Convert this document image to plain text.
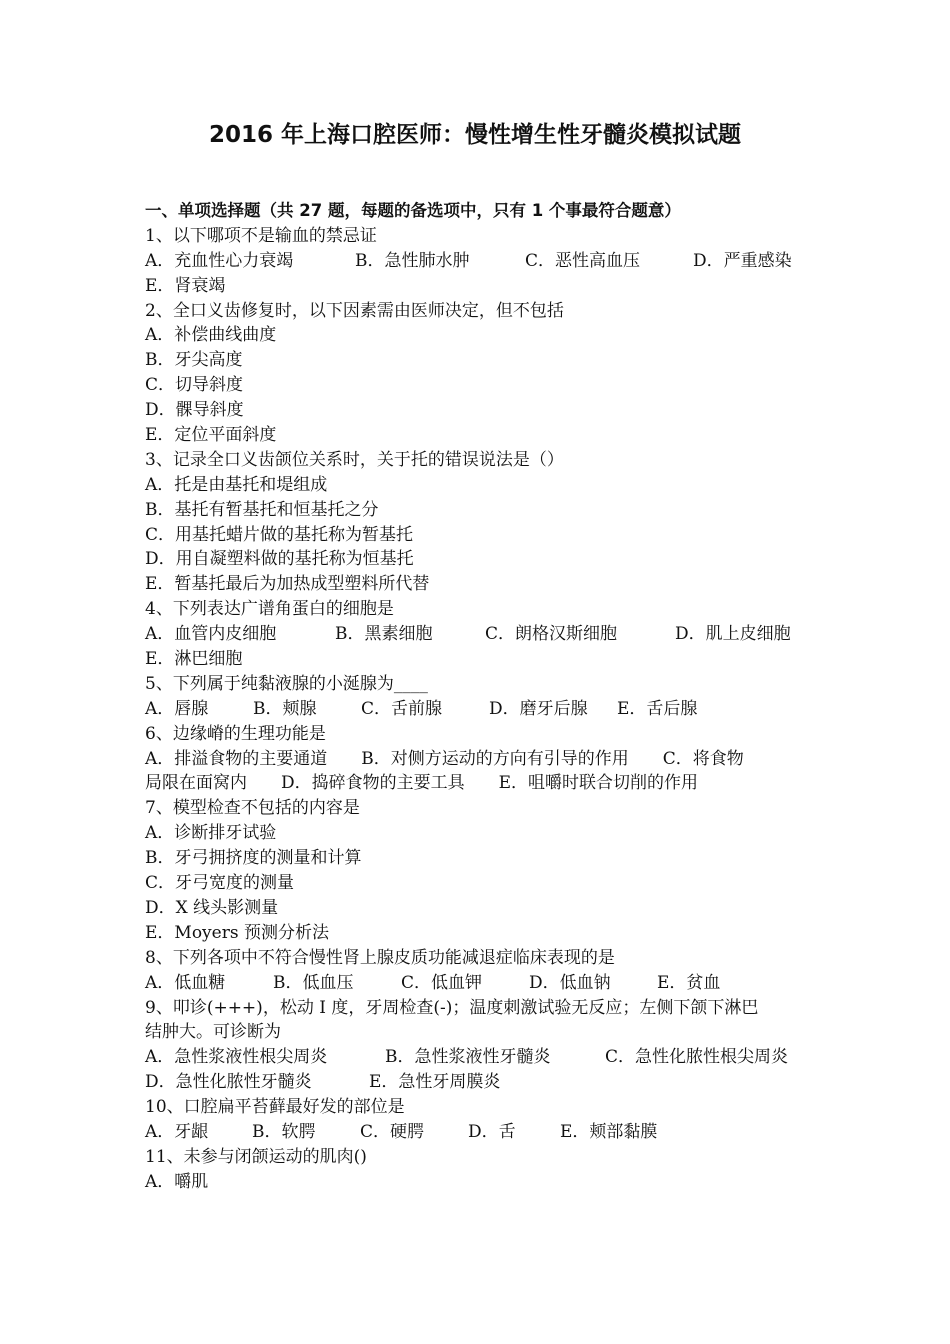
2016 年上海口腔医师：慢性增生性牙髓炎模拟试题
一、单项选择题（共 27 题，每题的备选项中，只有 1 个事最符合题意）
1、以下哪项不是输血的禁忌证
A．充血性心力衰竭	B．急性肺水肿	C．恶性高血压	D．严重感染
E．肾衰竭
2、全口义齿修复时，以下因素需由医师决定，但不包括
A．补偿曲线曲度
B．牙尖高度
C．切导斜度
D．髁导斜度
E．定位平面斜度
3、记录全口义齿颌位关系时，关于托的错误说法是（）
A．托是由基托和堤组成
B．基托有暂基托和恒基托之分
C．用基托蜡片做的基托称为暂基托
D．用自凝塑料做的基托称为恒基托
E．暂基托最后为加热成型塑料所代替
4、下列表达广谱角蛋白的细胞是
A．血管内皮细胞	B．黑素细胞	C．朗格汉斯细胞	D．肌上皮细胞
E．淋巴细胞
5、下列属于纯黏液腺的小涎腺为____
A．唇腺	B．颊腺	C．舌前腺	D．磨牙后腺	E．舌后腺
6、边缘嵴的生理功能是
A．排溢食物的主要通道　　B．对侧方运动的方向有引导的作用　　C．将食物
局限在面窝内　　D．捣碎食物的主要工具　　E．咀嚼时联合切削的作用
7、模型检查不包括的内容是
A．诊断排牙试验
B．牙弓拥挤度的测量和计算
C．牙弓宽度的测量
D．X 线头影测量
E．Moyers 预测分析法
8、下列各项中不符合慢性肾上腺皮质功能减退症临床表现的是
A．低血糖	B．低血压	C．低血钾	D．低血钠	E．贫血
9、叩诊(+++)，松动 I 度，牙周检查(-)；温度刺激试验无反应；左侧下颌下淋巴
结肿大。可诊断为
A．急性浆液性根尖周炎	B．急性浆液性牙髓炎	C．急性化脓性根尖周炎
D．急性化脓性牙髓炎	E．急性牙周膜炎
10、口腔扁平苔藓最好发的部位是
A．牙龈	B．软腭	C．硬腭	D．舌	E．颊部黏膜
11、未参与闭颌运动的肌肉()
A．嚼肌
